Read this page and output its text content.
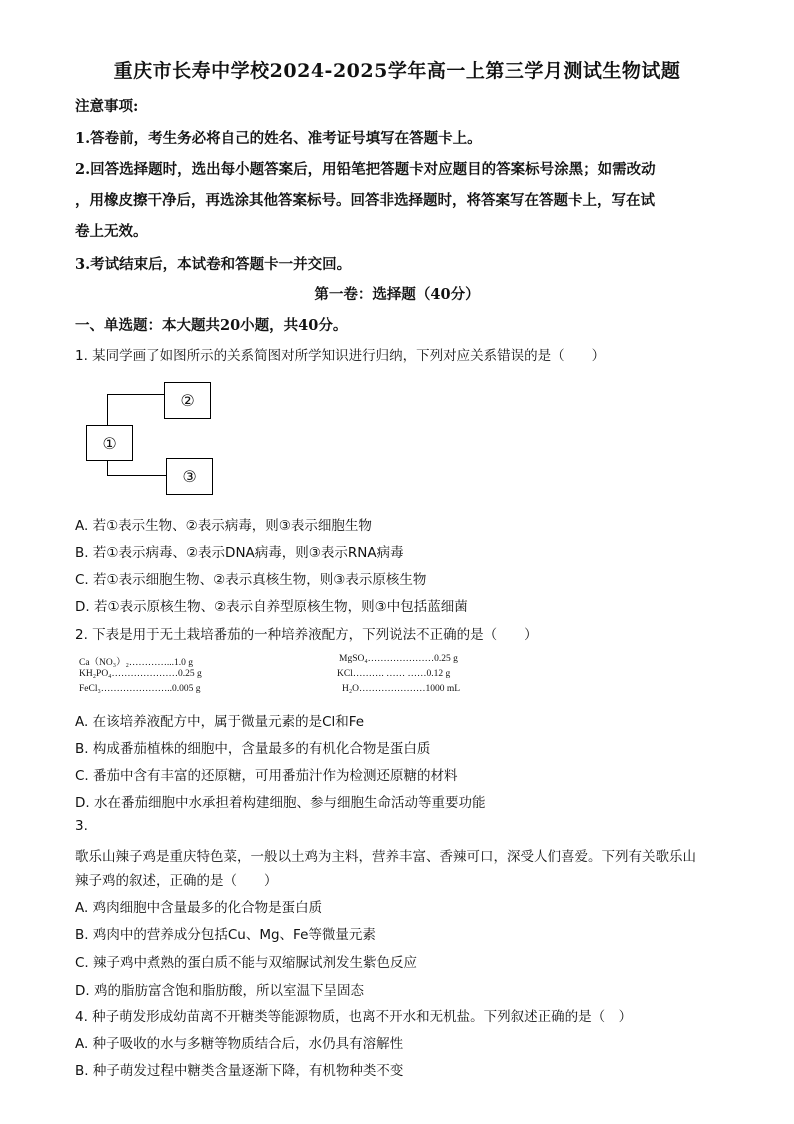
重庆市长寿中学校2024-2025学年高一上第三学月测试生物试题
注意事项:
1.答卷前，考生务必将自己的姓名、准考证号填写在答题卡上。
2.回答选择题时，选出每小题答案后，用铅笔把答题卡对应题目的答案标号涂黑；如需改动
，用橡皮擦干净后，再选涂其他答案标号。回答非选择题时，将答案写在答题卡上，写在试
卷上无效。
3.考试结束后，本试卷和答题卡一并交回。
第一卷：选择题（40分）
一、单选题：本大题共20小题，共40分。
1. 某同学画了如图所示的关系简图对所学知识进行归纳，下列对应关系错误的是（　　）
①
②
③
A. 若①表示生物、②表示病毒，则③表示细胞生物
B. 若①表示病毒、②表示DNA病毒，则③表示RNA病毒
C. 若①表示细胞生物、②表示真核生物，则③表示原核生物
D. 若①表示原核生物、②表示自养型原核生物，则③中包括蓝细菌
2. 下表是用于无土栽培番茄的一种培养液配方，下列说法不正确的是（　　）
Ca（NO₃）₂…………...1.0 g	MgSO₄…………………0.25 g
KH₂PO₄…………………0.25 g	KCl………. …… ……0.12 g
FeCl₃…………………..0.005 g	H₂O…………………1000 mL
A. 在该培养液配方中，属于微量元素的是Cl和Fe
B. 构成番茄植株的细胞中，含量最多的有机化合物是蛋白质
C. 番茄中含有丰富的还原糖，可用番茄汁作为检测还原糖的材料
D. 水在番茄细胞中水承担着构建细胞、参与细胞生命活动等重要功能
3.
歌乐山辣子鸡是重庆特色菜，一般以土鸡为主料，营养丰富、香辣可口，深受人们喜爱。下列有关歌乐山
辣子鸡的叙述，正确的是（　　）
A. 鸡肉细胞中含量最多的化合物是蛋白质
B. 鸡肉中的营养成分包括Cu、Mg、Fe等微量元素
C. 辣子鸡中煮熟的蛋白质不能与双缩脲试剂发生紫色反应
D. 鸡的脂肪富含饱和脂肪酸，所以室温下呈固态
4. 种子萌发形成幼苗离不开糖类等能源物质，也离不开水和无机盐。下列叙述正确的是（　）
A. 种子吸收的水与多糖等物质结合后，水仍具有溶解性
B. 种子萌发过程中糖类含量逐渐下降，有机物种类不变
